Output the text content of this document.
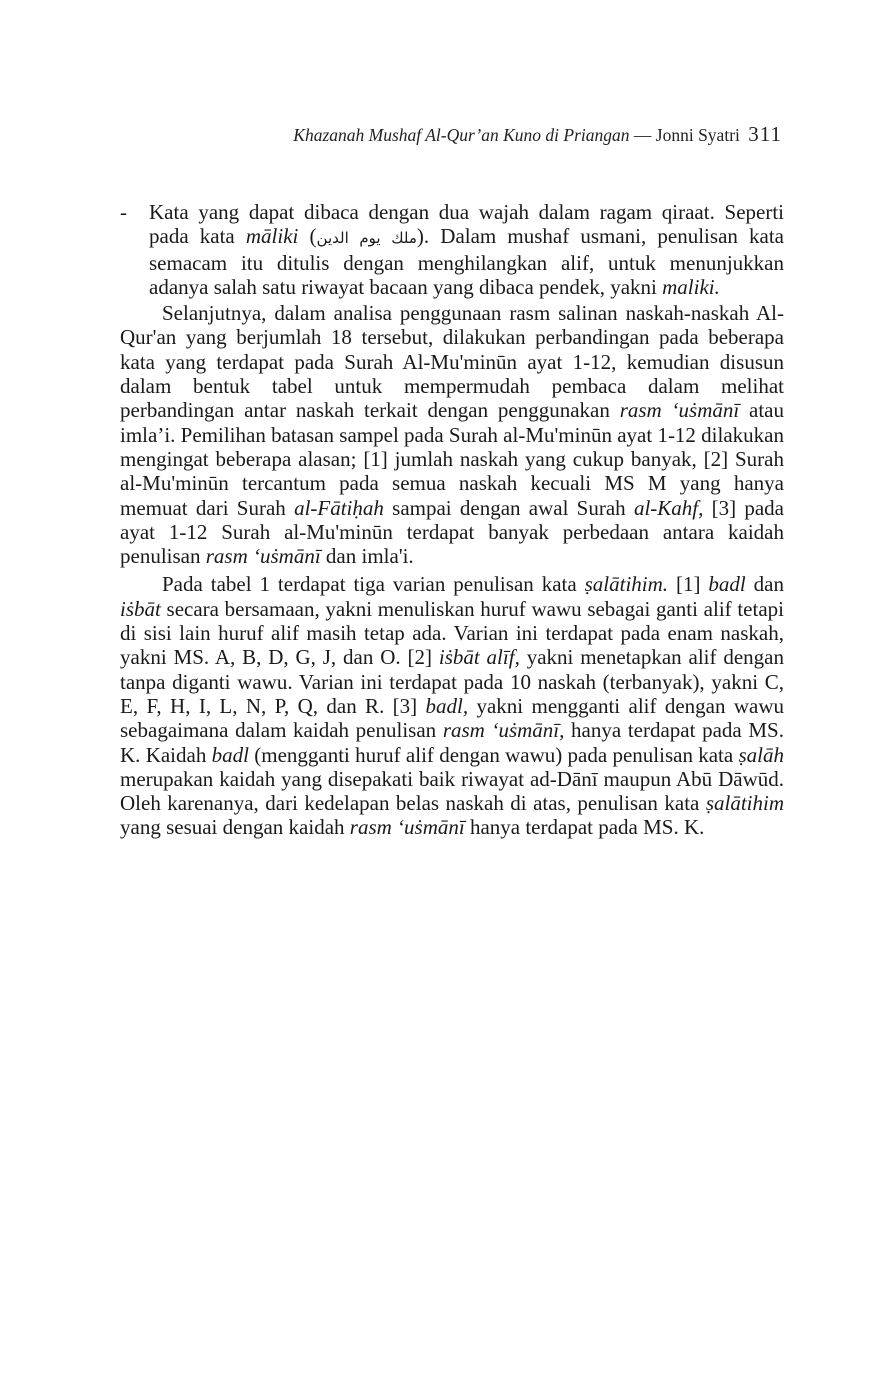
Khazanah Mushaf Al-Qur’an Kuno di Priangan — Jonni Syatri 311

- Kata yang dapat dibaca dengan dua wajah dalam ragam qiraat. Seperti pada kata māliki (ملك يوم الدين). Dalam mushaf usmani, penulisan kata semacam itu ditulis dengan menghilangkan alif, untuk menunjukkan adanya salah satu riwayat bacaan yang dibaca pendek, yakni maliki.

Selanjutnya, dalam analisa penggunaan rasm salinan naskah-naskah Al-Qur'an yang berjumlah 18 tersebut, dilakukan perbandingan pada beberapa kata yang terdapat pada Surah Al-Mu'minūn ayat 1-12, kemudian disusun dalam bentuk tabel untuk mempermudah pembaca dalam melihat perbandingan antar naskah terkait dengan penggunakan rasm ‘uṡmānī atau imla’i. Pemilihan batasan sampel pada Surah al-Mu'minūn ayat 1-12 dilakukan mengingat beberapa alasan; [1] jumlah naskah yang cukup banyak, [2] Surah al-Mu'minūn tercantum pada semua naskah kecuali MS M yang hanya memuat dari Surah al-Fātiḥah sampai dengan awal Surah al-Kahf, [3] pada ayat 1-12 Surah al-Mu'minūn terdapat banyak perbedaan antara kaidah penulisan rasm ‘uṡmānī dan imla'i.

Pada tabel 1 terdapat tiga varian penulisan kata ṣalātihim. [1] badl dan iṡbāt secara bersamaan, yakni menuliskan huruf wawu sebagai ganti alif tetapi di sisi lain huruf alif masih tetap ada. Varian ini terdapat pada enam naskah, yakni MS. A, B, D, G, J, dan O. [2] iṡbāt alīf, yakni menetapkan alif dengan tanpa diganti wawu. Varian ini terdapat pada 10 naskah (terbanyak), yakni C, E, F, H, I, L, N, P, Q, dan R. [3] badl, yakni mengganti alif dengan wawu sebagaimana dalam kaidah penulisan rasm ‘uṡmānī, hanya terdapat pada MS. K. Kaidah badl (mengganti huruf alif dengan wawu) pada penulisan kata ṣalāh merupakan kaidah yang disepakati baik riwayat ad-Dānī maupun Abū Dāwūd. Oleh karenanya, dari kedelapan belas naskah di atas, penulisan kata ṣalātihim yang sesuai dengan kaidah rasm ‘uṡmānī hanya terdapat pada MS. K.
